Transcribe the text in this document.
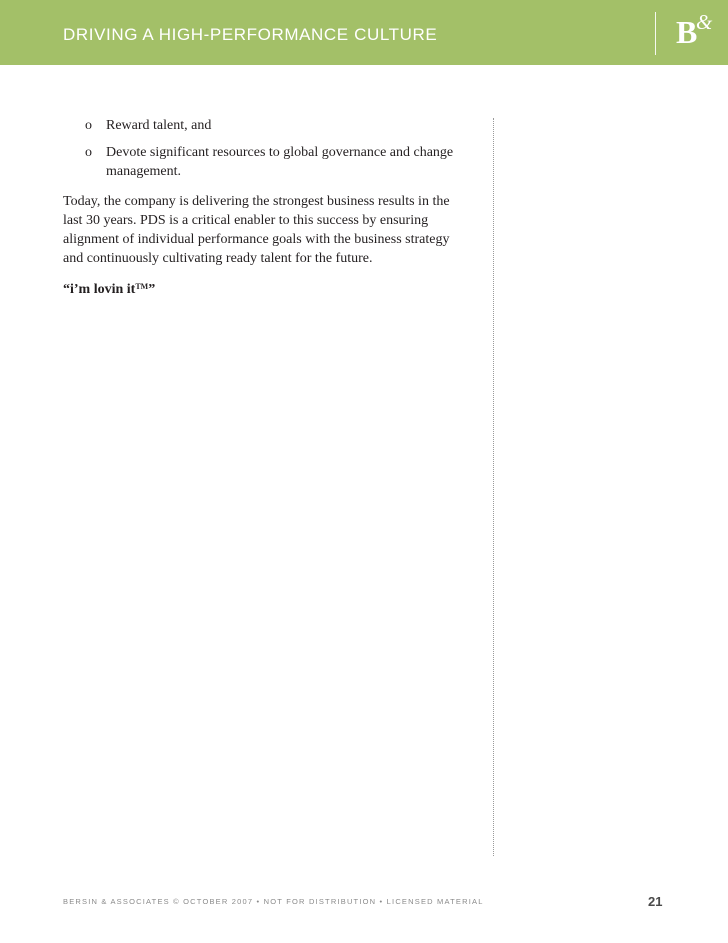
DRIVING A HIGH-PERFORMANCE CULTURE	B
&
o Reward talent, and
o Devote significant resources to global governance and change management.
Today, the company is delivering the strongest business results in the last 30 years. PDS is a critical enabler to this success by ensuring alignment of individual performance goals with the business strategy and continuously cultivating ready talent for the future.
“i’m lovin it™”
BERSIN & ASSOCIATES © OCTOBER 2007 • NOT FOR DISTRIBUTION • LICENSED MATERIAL	21
